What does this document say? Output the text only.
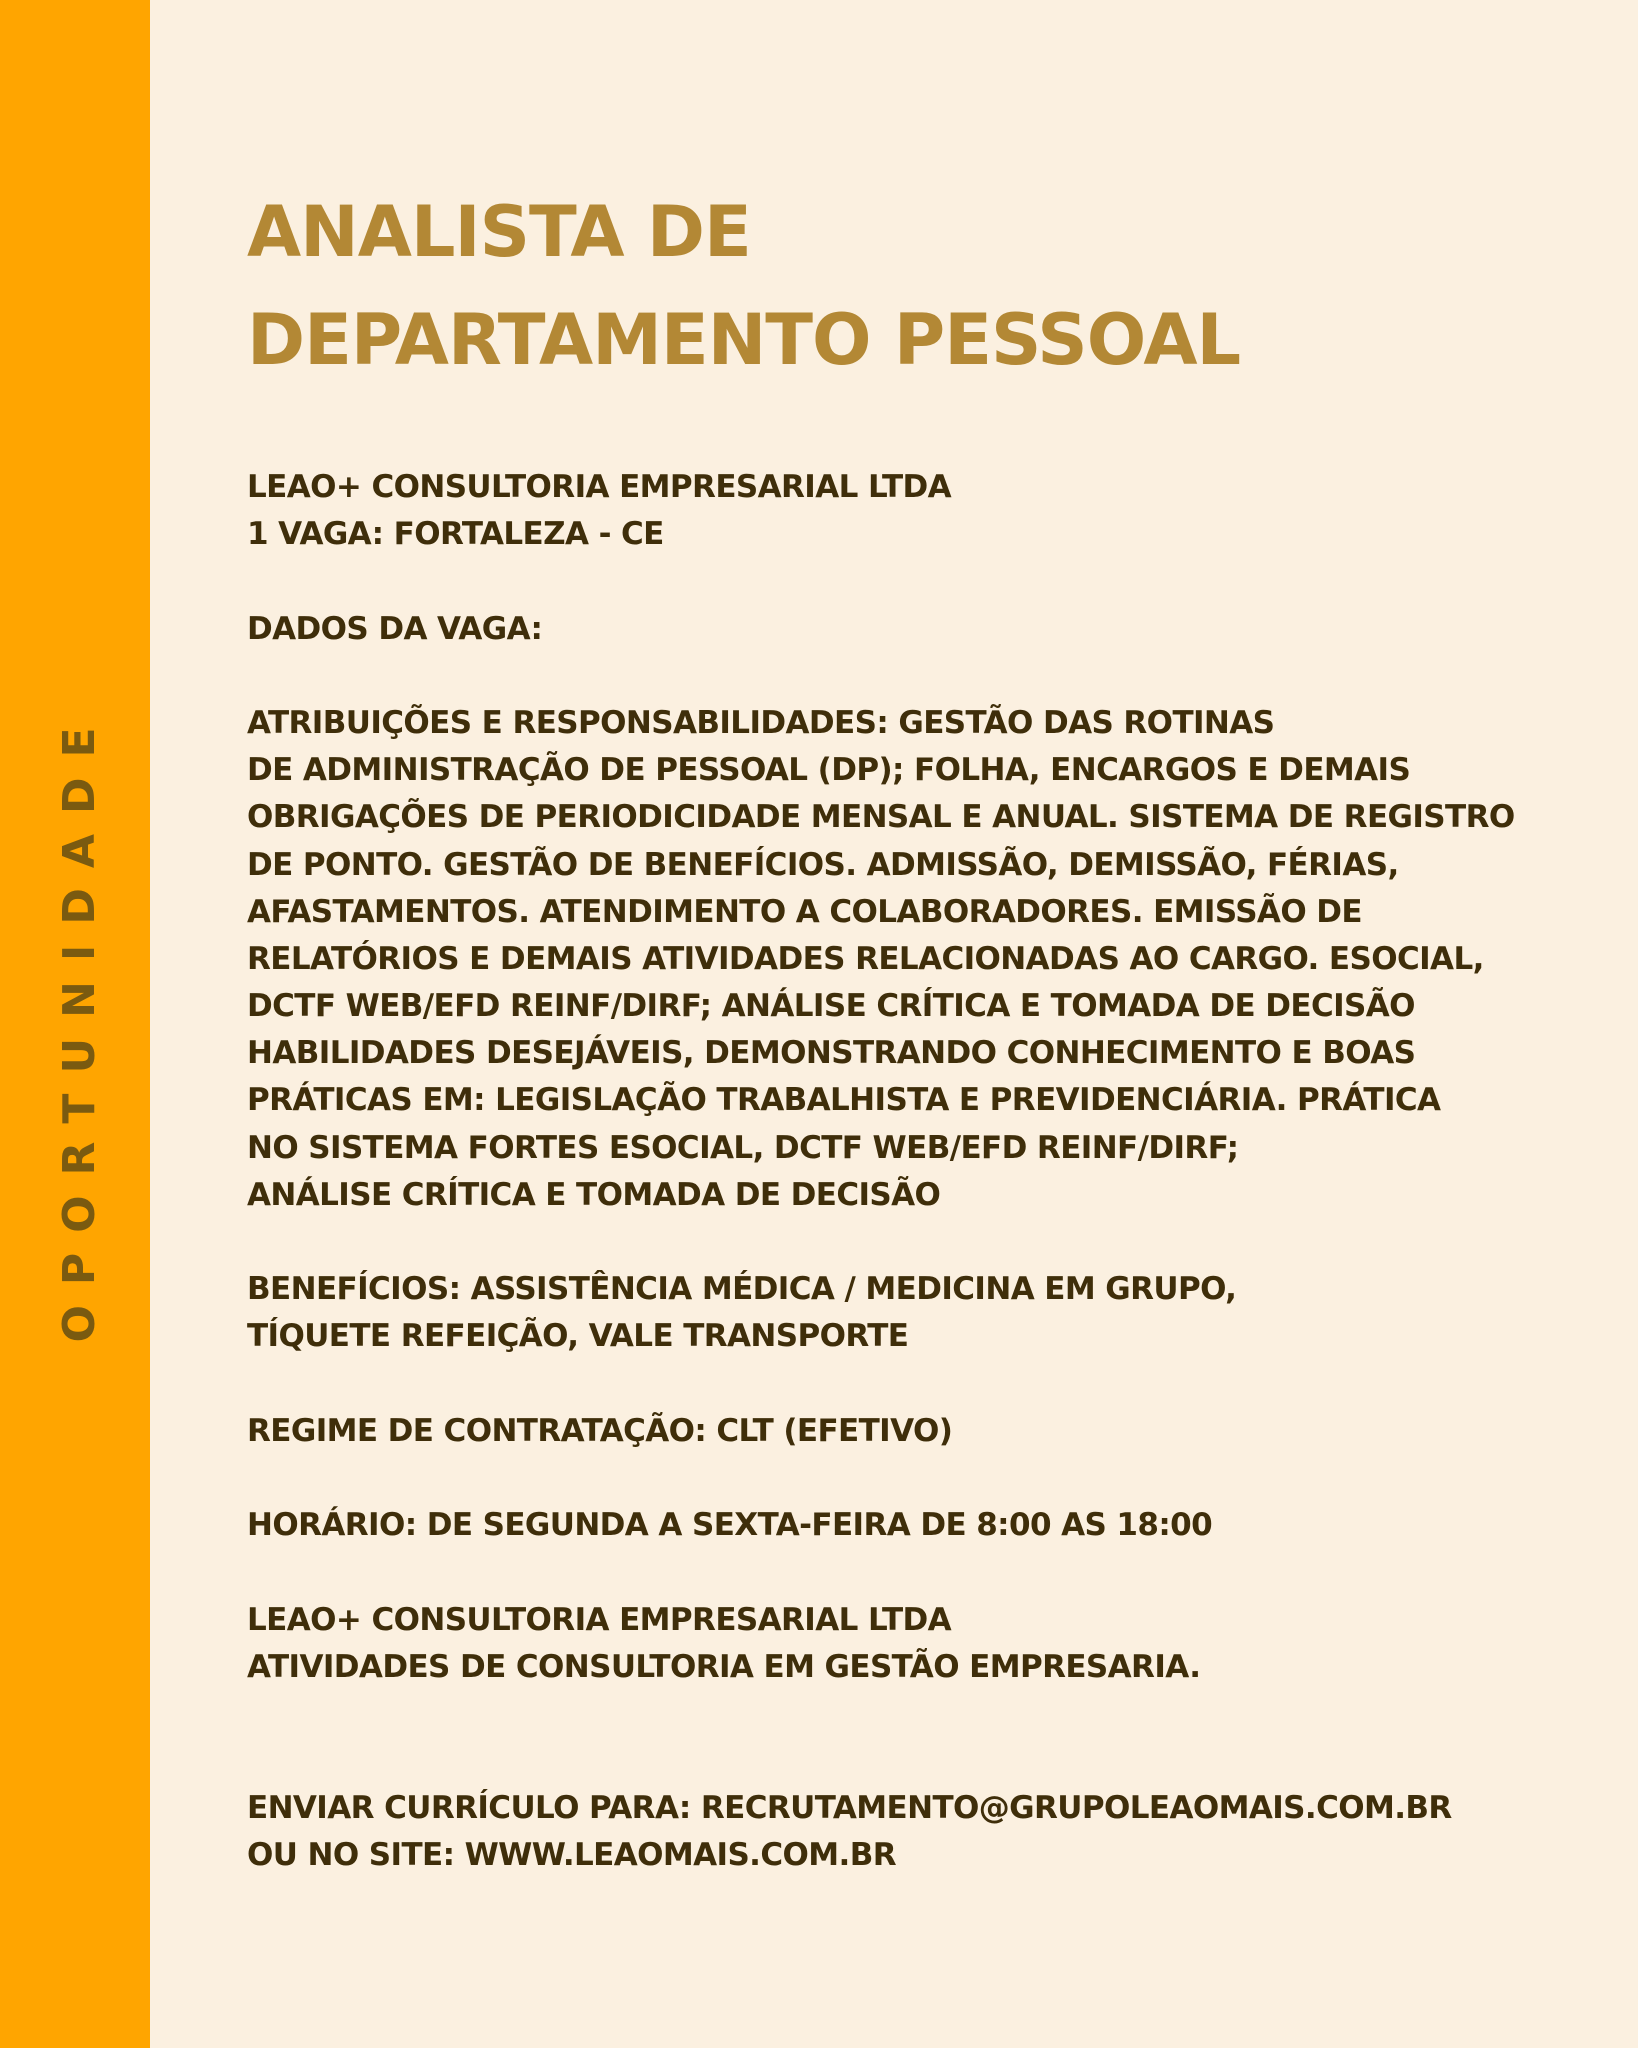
OPORTUNIDADE
ANALISTA DE
DEPARTAMENTO PESSOAL
LEAO+ CONSULTORIA EMPRESARIAL LTDA
1 VAGA: FORTALEZA - CE
DADOS DA VAGA:
ATRIBUIÇÕES E RESPONSABILIDADES: GESTÃO DAS ROTINAS
DE ADMINISTRAÇÃO DE PESSOAL (DP); FOLHA, ENCARGOS E DEMAIS
OBRIGAÇÕES DE PERIODICIDADE MENSAL E ANUAL. SISTEMA DE REGISTRO
DE PONTO. GESTÃO DE BENEFÍCIOS. ADMISSÃO, DEMISSÃO, FÉRIAS,
AFASTAMENTOS. ATENDIMENTO A COLABORADORES. EMISSÃO DE
RELATÓRIOS E DEMAIS ATIVIDADES RELACIONADAS AO CARGO. ESOCIAL,
DCTF WEB/EFD REINF/DIRF; ANÁLISE CRÍTICA E TOMADA DE DECISÃO
HABILIDADES DESEJÁVEIS, DEMONSTRANDO CONHECIMENTO E BOAS
PRÁTICAS EM: LEGISLAÇÃO TRABALHISTA E PREVIDENCIÁRIA. PRÁTICA
NO SISTEMA FORTES ESOCIAL, DCTF WEB/EFD REINF/DIRF;
ANÁLISE CRÍTICA E TOMADA DE DECISÃO
BENEFÍCIOS: ASSISTÊNCIA MÉDICA / MEDICINA EM GRUPO,
TÍQUETE REFEIÇÃO, VALE TRANSPORTE
REGIME DE CONTRATAÇÃO: CLT (EFETIVO)
HORÁRIO: DE SEGUNDA A SEXTA-FEIRA DE 8:00 AS 18:00
LEAO+ CONSULTORIA EMPRESARIAL LTDA
ATIVIDADES DE CONSULTORIA EM GESTÃO EMPRESARIA.
ENVIAR CURRÍCULO PARA: RECRUTAMENTO@GRUPOLEAOMAIS.COM.BR
OU NO SITE: WWW.LEAOMAIS.COM.BR
